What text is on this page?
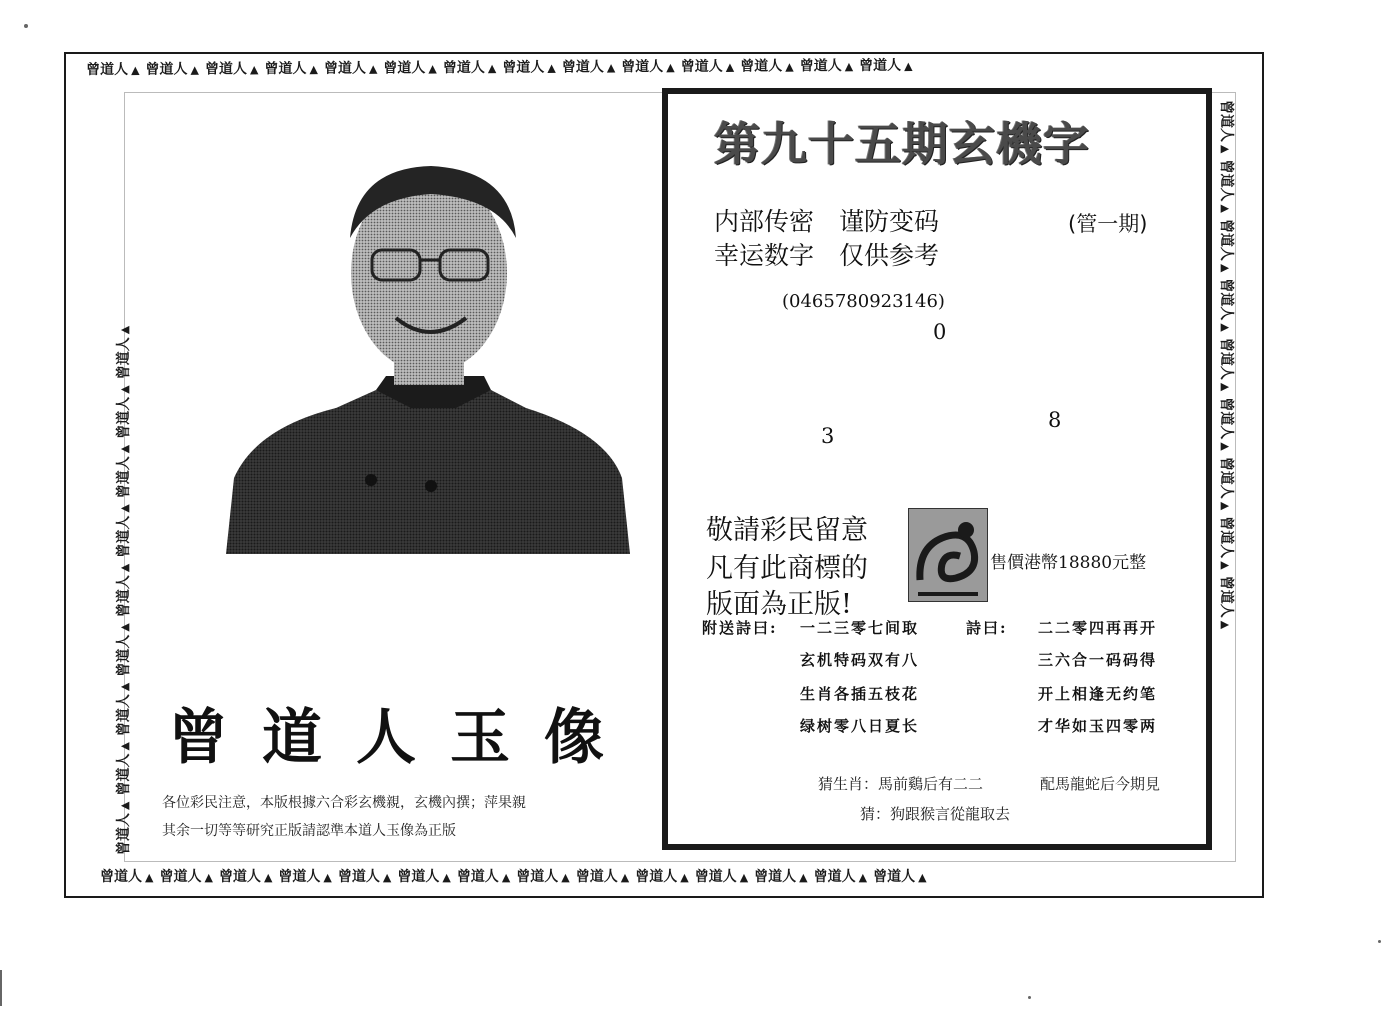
曾道人 ▲ 曾道人 ▲ 曾道人 ▲ 曾道人 ▲ 曾道人 ▲ 曾道人 ▲ 曾道人 ▲ 曾道人 ▲ 曾道人 ▲ 曾道人 ▲ 曾道人 ▲ 曾道人 ▲ 曾道人 ▲ 曾道人 ▲
曾道人 ▲ 曾道人 ▲ 曾道人 ▲ 曾道人 ▲ 曾道人 ▲ 曾道人 ▲ 曾道人 ▲ 曾道人 ▲ 曾道人 ▲ 曾道人 ▲ 曾道人 ▲ 曾道人 ▲ 曾道人 ▲ 曾道人 ▲
曾道人▲曾道人▲曾道人▲曾道人▲曾道人▲曾道人▲曾道人▲曾道人▲曾道人▲
曾道人▲曾道人▲曾道人▲曾道人▲曾道人▲曾道人▲曾道人▲曾道人▲曾道人▲
曾道人玉像
各位彩民注意，本版根據六合彩玄機親，玄機內撰；萍果親
其余一切等等研究正版請認準本道人玉像為正版
第九十五期玄機字
内部传密　谨防变码
幸运数字　仅供参考
(管一期)
(0465780923146)
0
8
3
敬請彩民留意
凡有此商標的
版面為正版!
售價港幣18880元整
附送詩曰: 一二三零七间取
玄机特码双有八
生肖各插五枝花
绿树零八日夏长
詩曰: 二二零四再再开
三六合一码码得
开上相逢无约笔
才华如玉四零两
猜生肖：馬前鷄后有二二	配馬龍蛇后今期見
猜：狗跟猴言從龍取去
